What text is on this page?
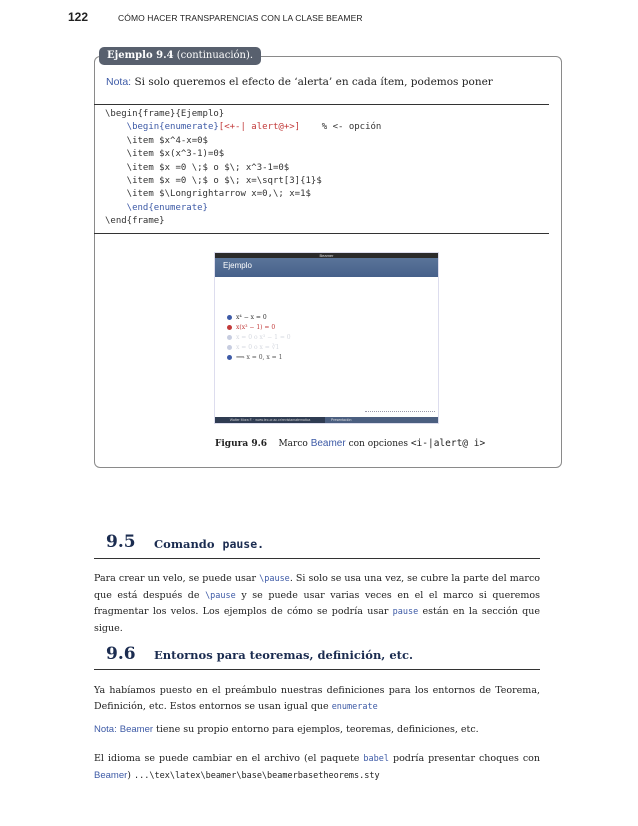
122	CÓMO HACER TRANSPARENCIAS CON LA CLASE BEAMER
Ejemplo 9.4 (continuación).
Nota: Si solo queremos el efecto de ‘alerta’ en cada ítem, podemos poner
\begin{frame}{Ejemplo}
\begin{enumerate}[<+-| alert@+>]    % <- opción
\item $x^4-x=0$
\item $x(x^3-1)=0$
\item $x =0 \;$ o $\; x^3-1=0$
\item $x =0 \;$ o $\; x=\sqrt[3]{1}$
\item $\Longrightarrow x=0,\; x=1$
\end{enumerate}
\end{frame}
Beamer
Ejemplo
x⁴ − x = 0
x(x³ − 1) = 0
x = 0 o x³ − 1 = 0
x = 0 o x = ∛1
⟹ x = 0, x = 1
Walter Mora F. · www.tec-cr.ac.cr/revistamatematica	Presentación
Figura 9.6 Marco Beamer con opciones <i-|alert@ i>
9.5 Comando pause.
Para crear un velo, se puede usar \pause. Si solo se usa una vez, se cubre la parte del marco que está después de \pause y se puede usar varias veces en el el marco si queremos fragmentar los velos. Los ejemplos de cómo se podría usar pause están en la sección que sigue.
9.6 Entornos para teoremas, definición, etc.
Ya habíamos puesto en el preámbulo nuestras definiciones para los entornos de Teorema, Definición, etc. Estos entornos se usan igual que enumerate
Nota: Beamer tiene su propio entorno para ejemplos, teoremas, definiciones, etc.
El idioma se puede cambiar en el archivo (el paquete babel podría presentar choques con Beamer) ...\tex\latex\beamer\base\beamerbasetheorems.sty
